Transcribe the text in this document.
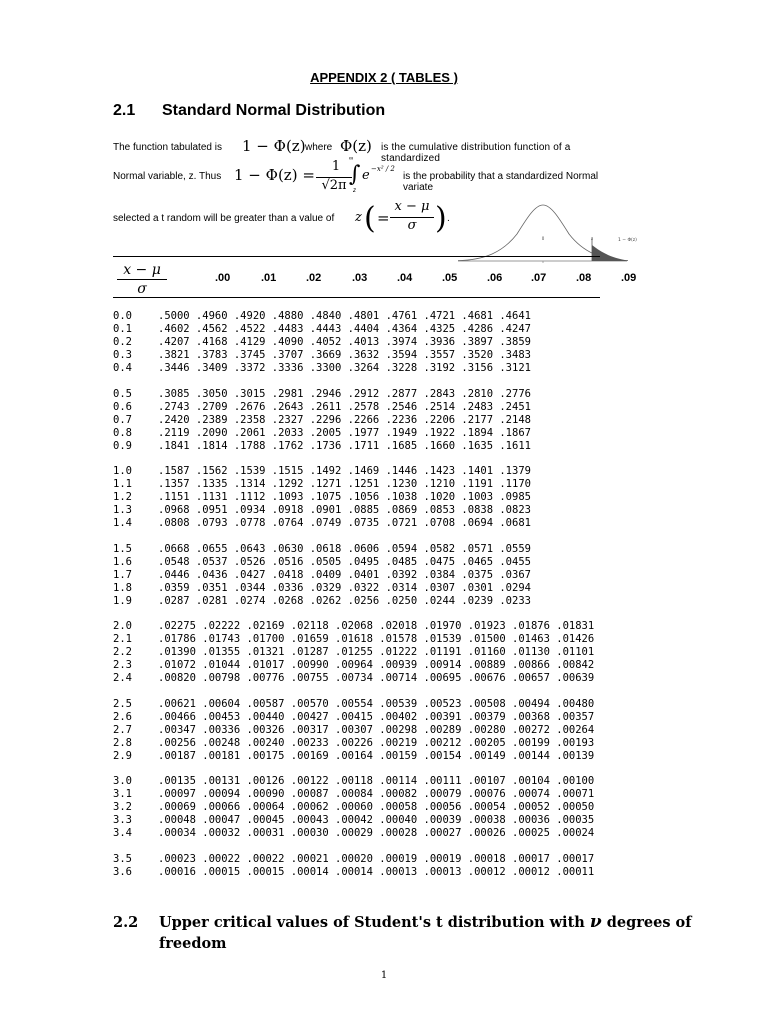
APPENDIX 2 ( TABLES )
2.1 Standard Normal Distribution
The function tabulated is 1 − Φ(z) where Φ(z) is the cumulative distribution function of a standardized
Normal variable, z. Thus 1 − Φ(z) =	1
√2π
∞
∫
z
e −x² / 2
is the probability that a standardized Normal variate
selected a t random will be greater than a value of z ( =
x − μ
σ ) .
0	z	1 − Φ(z)
x − μ
σ
.00	.01	.02	.03	.04	.05	.06	.07	.08	.09
0.0 .5000 .4960 .4920 .4880 .4840 .4801 .4761 .4721 .4681 .4641
0.1 .4602 .4562 .4522 .4483 .4443 .4404 .4364 .4325 .4286 .4247
0.2 .4207 .4168 .4129 .4090 .4052 .4013 .3974 .3936 .3897 .3859
0.3 .3821 .3783 .3745 .3707 .3669 .3632 .3594 .3557 .3520 .3483
0.4 .3446 .3409 .3372 .3336 .3300 .3264 .3228 .3192 .3156 .3121
0.5 .3085 .3050 .3015 .2981 .2946 .2912 .2877 .2843 .2810 .2776
0.6 .2743 .2709 .2676 .2643 .2611 .2578 .2546 .2514 .2483 .2451
0.7 .2420 .2389 .2358 .2327 .2296 .2266 .2236 .2206 .2177 .2148
0.8 .2119 .2090 .2061 .2033 .2005 .1977 .1949 .1922 .1894 .1867
0.9 .1841 .1814 .1788 .1762 .1736 .1711 .1685 .1660 .1635 .1611
1.0 .1587 .1562 .1539 .1515 .1492 .1469 .1446 .1423 .1401 .1379
1.1 .1357 .1335 .1314 .1292 .1271 .1251 .1230 .1210 .1191 .1170
1.2 .1151 .1131 .1112 .1093 .1075 .1056 .1038 .1020 .1003 .0985
1.3 .0968 .0951 .0934 .0918 .0901 .0885 .0869 .0853 .0838 .0823
1.4 .0808 .0793 .0778 .0764 .0749 .0735 .0721 .0708 .0694 .0681
1.5 .0668 .0655 .0643 .0630 .0618 .0606 .0594 .0582 .0571 .0559
1.6 .0548 .0537 .0526 .0516 .0505 .0495 .0485 .0475 .0465 .0455
1.7 .0446 .0436 .0427 .0418 .0409 .0401 .0392 .0384 .0375 .0367
1.8 .0359 .0351 .0344 .0336 .0329 .0322 .0314 .0307 .0301 .0294
1.9 .0287 .0281 .0274 .0268 .0262 .0256 .0250 .0244 .0239 .0233
2.0 .02275 .02222 .02169 .02118 .02068 .02018 .01970 .01923 .01876 .01831
2.1 .01786 .01743 .01700 .01659 .01618 .01578 .01539 .01500 .01463 .01426
2.2 .01390 .01355 .01321 .01287 .01255 .01222 .01191 .01160 .01130 .01101
2.3 .01072 .01044 .01017 .00990 .00964 .00939 .00914 .00889 .00866 .00842
2.4 .00820 .00798 .00776 .00755 .00734 .00714 .00695 .00676 .00657 .00639
2.5 .00621 .00604 .00587 .00570 .00554 .00539 .00523 .00508 .00494 .00480
2.6 .00466 .00453 .00440 .00427 .00415 .00402 .00391 .00379 .00368 .00357
2.7 .00347 .00336 .00326 .00317 .00307 .00298 .00289 .00280 .00272 .00264
2.8 .00256 .00248 .00240 .00233 .00226 .00219 .00212 .00205 .00199 .00193
2.9 .00187 .00181 .00175 .00169 .00164 .00159 .00154 .00149 .00144 .00139
3.0 .00135 .00131 .00126 .00122 .00118 .00114 .00111 .00107 .00104 .00100
3.1 .00097 .00094 .00090 .00087 .00084 .00082 .00079 .00076 .00074 .00071
3.2 .00069 .00066 .00064 .00062 .00060 .00058 .00056 .00054 .00052 .00050
3.3 .00048 .00047 .00045 .00043 .00042 .00040 .00039 .00038 .00036 .00035
3.4 .00034 .00032 .00031 .00030 .00029 .00028 .00027 .00026 .00025 .00024
3.5 .00023 .00022 .00022 .00021 .00020 .00019 .00019 .00018 .00017 .00017
3.6 .00016 .00015 .00015 .00014 .00014 .00013 .00013 .00012 .00012 .00011
2.2 Upper critical values of Student's t distribution with ν degrees of freedom
1
